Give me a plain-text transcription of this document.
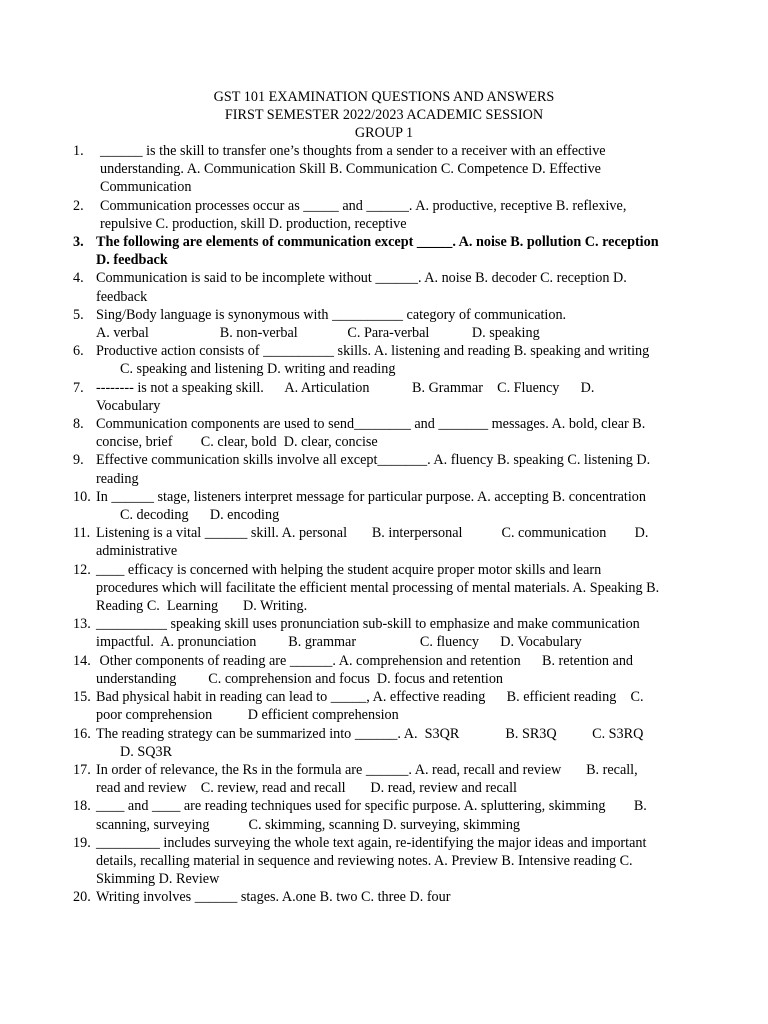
GST 101 EXAMINATION QUESTIONS AND ANSWERS
FIRST SEMESTER 2022/2023 ACADEMIC SESSION
GROUP 1
1. ______ is the skill to transfer one’s thoughts from a sender to a receiver with an effective
understanding. A. Communication Skill B. Communication C. Competence D. Effective
Communication
2. Communication processes occur as _____ and ______. A. productive, receptive B. reflexive,
repulsive C. production, skill D. production, receptive
3. The following are elements of communication except _____. A. noise B. pollution C. reception
D. feedback
4. Communication is said to be incomplete without ______. A. noise B. decoder C. reception D.
feedback
5. Sing/Body language is synonymous with __________ category of communication.
A. verbal                    B. non-verbal              C. Para-verbal            D. speaking
6. Productive action consists of __________ skills. A. listening and reading B. speaking and writing
C. speaking and listening D. writing and reading
7. -------- is not a speaking skill.      A. Articulation            B. Grammar    C. Fluency      D.
Vocabulary
8. Communication components are used to send________ and _______ messages. A. bold, clear B.
concise, brief        C. clear, bold  D. clear, concise
9. Effective communication skills involve all except_______. A. fluency B. speaking C. listening D.
reading
10. In ______ stage, listeners interpret message for particular purpose. A. accepting B. concentration
C. decoding      D. encoding
11. Listening is a vital ______ skill. A. personal       B. interpersonal           C. communication        D.
administrative
12. ____ efficacy is concerned with helping the student acquire proper motor skills and learn
procedures which will facilitate the efficient mental processing of mental materials. A. Speaking B.
Reading C.  Learning       D. Writing.
13. __________ speaking skill uses pronunciation sub-skill to emphasize and make communication
impactful.  A. pronunciation         B. grammar                  C. fluency      D. Vocabulary
14. Other components of reading are ______. A. comprehension and retention      B. retention and
understanding         C. comprehension and focus  D. focus and retention
15. Bad physical habit in reading can lead to _____, A. effective reading      B. efficient reading    C.
poor comprehension          D efficient comprehension
16. The reading strategy can be summarized into ______. A.  S3QR             B. SR3Q          C. S3RQ
D. SQ3R
17. In order of relevance, the Rs in the formula are ______. A. read, recall and review       B. recall,
read and review    C. review, read and recall       D. read, review and recall
18. ____ and ____ are reading techniques used for specific purpose. A. spluttering, skimming        B.
scanning, surveying           C. skimming, scanning D. surveying, skimming
19. _________ includes surveying the whole text again, re-identifying the major ideas and important
details, recalling material in sequence and reviewing notes. A. Preview B. Intensive reading C.
Skimming D. Review
20. Writing involves ______ stages. A.one B. two C. three D. four
